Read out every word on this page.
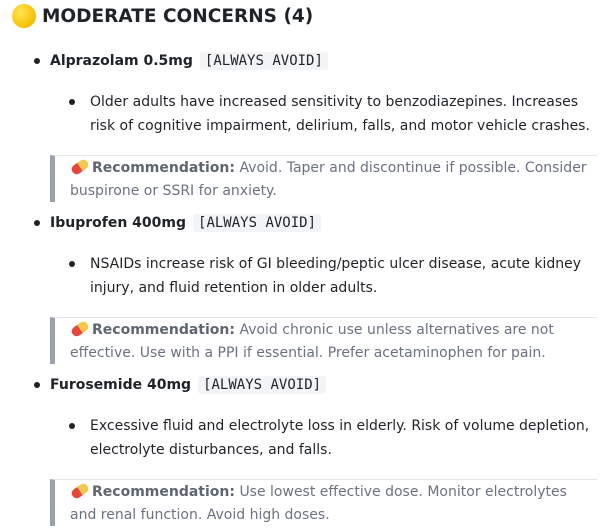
MODERATE CONCERNS (4)
Alprazolam 0.5mg [ALWAYS AVOID]
Older adults have increased sensitivity to benzodiazepines. Increases risk of cognitive impairment, delirium, falls, and motor vehicle crashes.
Recommendation: Avoid. Taper and discontinue if possible. Consider buspirone or SSRI for anxiety.
Ibuprofen 400mg [ALWAYS AVOID]
NSAIDs increase risk of GI bleeding/peptic ulcer disease, acute kidney injury, and fluid retention in older adults.
Recommendation: Avoid chronic use unless alternatives are not effective. Use with a PPI if essential. Prefer acetaminophen for pain.
Furosemide 40mg [ALWAYS AVOID]
Excessive fluid and electrolyte loss in elderly. Risk of volume depletion, electrolyte disturbances, and falls.
Recommendation: Use lowest effective dose. Monitor electrolytes and renal function. Avoid high doses.
